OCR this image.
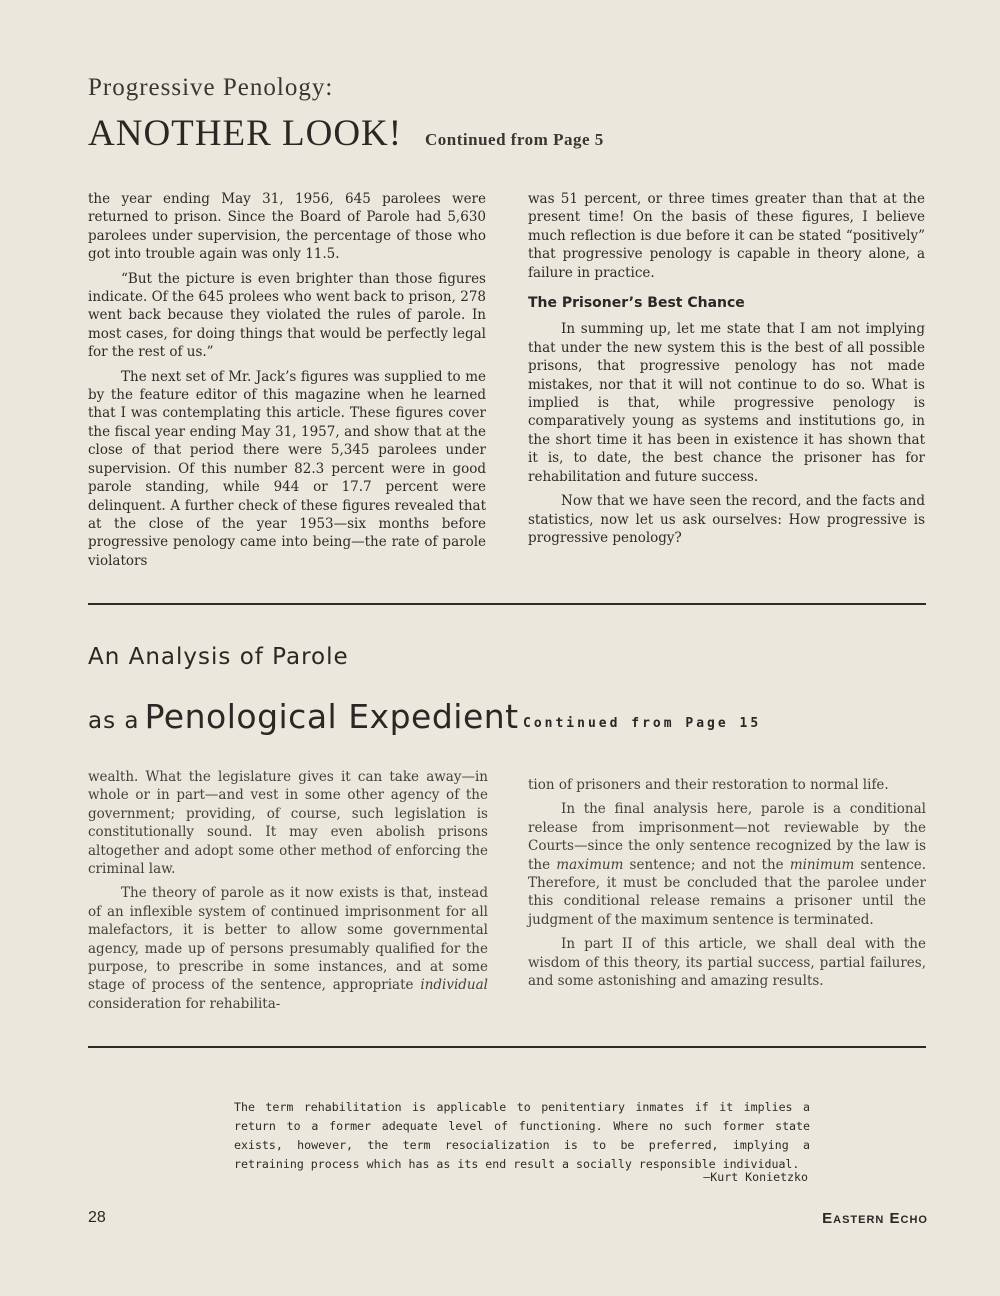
Progressive Penology:
ANOTHER LOOK! Continued from Page 5

the year ending May 31, 1956, 645 parolees were returned to prison. Since the Board of Parole had 5,630 parolees under supervision, the percentage of those who got into trouble again was only 11.5.

“But the picture is even brighter than those figures indicate. Of the 645 prolees who went back to prison, 278 went back because they violated the rules of parole. In most cases, for doing things that would be perfectly legal for the rest of us.”

The next set of Mr. Jack’s figures was supplied to me by the feature editor of this magazine when he learned that I was contemplating this article. These figures cover the fiscal year ending May 31, 1957, and show that at the close of that period there were 5,345 parolees under supervision. Of this number 82.3 percent were in good parole standing, while 944 or 17.7 percent were delinquent. A further check of these figures revealed that at the close of the year 1953—six months before progressive penology came into being—the rate of parole violators

was 51 percent, or three times greater than that at the present time! On the basis of these figures, I believe much reflection is due before it can be stated “positively” that progressive penology is capable in theory alone, a failure in practice.

The Prisoner’s Best Chance

In summing up, let me state that I am not implying that under the new system this is the best of all possible prisons, that progressive penology has not made mistakes, nor that it will not continue to do so. What is implied is that, while progressive penology is comparatively young as systems and institutions go, in the short time it has been in existence it has shown that it is, to date, the best chance the prisoner has for rehabilitation and future success.

Now that we have seen the record, and the facts and statistics, now let us ask ourselves: How progressive is progressive penology?

An Analysis of Parole
as a Penological Expedient Continued from Page 15

wealth. What the legislature gives it can take away—in whole or in part—and vest in some other agency of the government; providing, of course, such legislation is constitutionally sound. It may even abolish prisons altogether and adopt some other method of enforcing the criminal law.

The theory of parole as it now exists is that, instead of an inflexible system of continued imprisonment for all malefactors, it is better to allow some governmental agency, made up of persons presumably qualified for the purpose, to prescribe in some instances, and at some stage of process of the sentence, appropriate individual consideration for rehabilita-

tion of prisoners and their restoration to normal life.

In the final analysis here, parole is a conditional release from imprisonment—not reviewable by the Courts—since the only sentence recognized by the law is the maximum sentence; and not the minimum sentence. Therefore, it must be concluded that the parolee under this conditional release remains a prisoner until the judgment of the maximum sentence is terminated.

In part II of this article, we shall deal with the wisdom of this theory, its partial success, partial failures, and some astonishing and amazing results.

The term rehabilitation is applicable to penitentiary inmates if it implies a return to a former adequate level of functioning. Where no such former state exists, however, the term resocialization is to be preferred, implying a retraining process which has as its end result a socially responsible individual.
—Kurt Konietzko
28	Eastern Echo
